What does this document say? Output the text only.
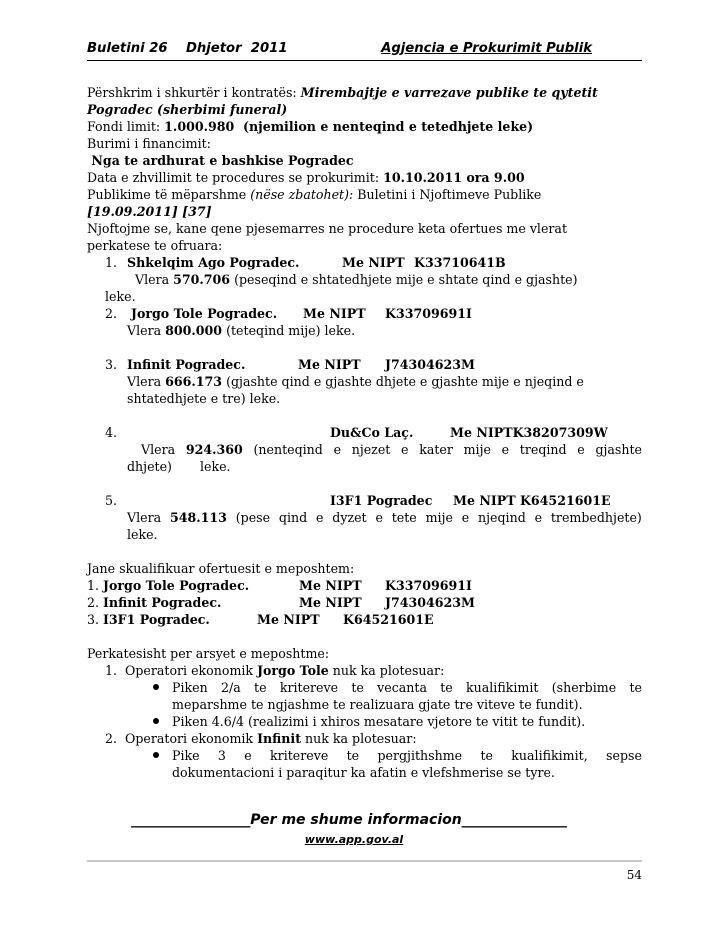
Buletini 26    Dhjetor  2011	Agjencia e Prokurimit Publik
Përshkrim i shkurtër i kontratës: Mirembajtje e varrezave publike te qytetit
Pogradec (sherbimi funeral)
Fondi limit: 1.000.980  (njemilion e nenteqind e tetedhjete leke)
Burimi i financimit:
Nga te ardhurat e bashkise Pogradec
Data e zhvillimit te procedures se prokurimit: 10.10.2011 ora 9.00
Publikime të mëparshme (nëse zbatohet): Buletini i Njoftimeve Publike
[19.09.2011] [37]
Njoftojme se, kane qene pjesemarres ne procedure keta ofertues me vlerat
perkatese te ofruara:
1. Shkelqim Ago Pogradec.	Me NIPT K33710641B
Vlera 570.706 (peseqind e shtatedhjete mije e shtate qind e gjashte)
leke.
2. Jorgo Tole Pogradec. Me NIPT K33709691I
Vlera 800.000 (teteqind mije) leke.
3. Infinit Pogradec.	Me NIPT J74304623M
Vlera 666.173 (gjashte qind e gjashte dhjete e gjashte mije e njeqind e
shtatedhjete e tre) leke.
4.	Du&Co Laç.	Me NIPTK38207309W
Vlera 924.360 (nenteqind e njezet e kater mije e treqind e gjashte
dhjete)       leke.
5.	I3F1 Pogradec Me NIPT K64521601E
Vlera 548.113 (pese qind e dyzet e tete mije e njeqind e trembedhjete)
leke.
Jane skualifikuar ofertuesit e meposhtem:
1. Jorgo Tole Pogradec.	Me NIPT K33709691I
2. Infinit Pogradec.	Me NIPT J74304623M
3. I3F1 Pogradec.	Me NIPT K64521601E
Perkatesisht per arsyet e meposhtme:
1.  Operatori ekonomik Jorgo Tole nuk ka plotesuar:
Piken 2/a te kritereve te vecanta te kualifikimit (sherbime te
meparshme te ngjashme te realizuara gjate tre viteve te fundit).
Piken 4.6/4 (realizimi i xhiros mesatare vjetore te vitit te fundit).
2.  Operatori ekonomik Infinit nuk ka plotesuar:
Pike 3 e kritereve te pergjithshme te kualifikimit, sepse
dokumentacioni i paraqitur ka afatin e vlefshmerise se tyre.
_________________Per me shume informacion_______________
www.app.gov.al
54
